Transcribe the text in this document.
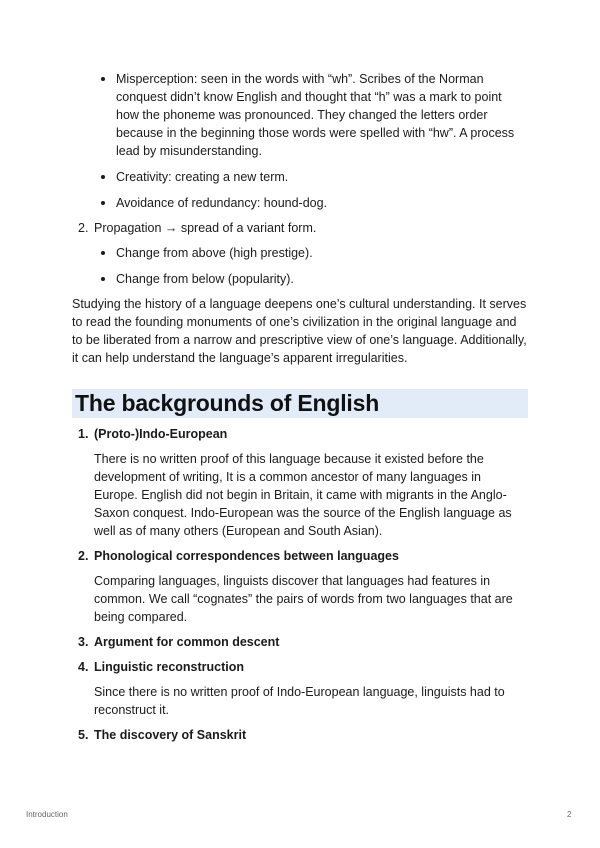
Misperception: seen in the words with “wh”. Scribes of the Norman conquest didn’t know English and thought that “h” was a mark to point how the phoneme was pronounced. They changed the letters order because in the beginning those words were spelled with “hw”. A process lead by misunderstanding.
Creativity: creating a new term.
Avoidance of redundancy: hound-dog.
2. Propagation → spread of a variant form.
Change from above (high prestige).
Change from below (popularity).

Studying the history of a language deepens one’s cultural understanding. It serves to read the founding monuments of one’s civilization in the original language and to be liberated from a narrow and prescriptive view of one’s language. Additionally, it can help understand the language’s apparent irregularities.

The backgrounds of English
1. (Proto-)Indo-European

There is no written proof of this language because it existed before the development of writing, It is a common ancestor of many languages in Europe. English did not begin in Britain, it came with migrants in the Anglo-Saxon conquest. Indo-European was the source of the English language as well as of many others (European and South Asian).

2. Phonological correspondences between languages

Comparing languages, linguists discover that languages had features in common. We call “cognates” the pairs of words from two languages that are being compared.

3. Argument for common descent
4. Linguistic reconstruction

Since there is no written proof of Indo-European language, linguists had to reconstruct it.

5. The discovery of Sanskrit
Introduction	2
